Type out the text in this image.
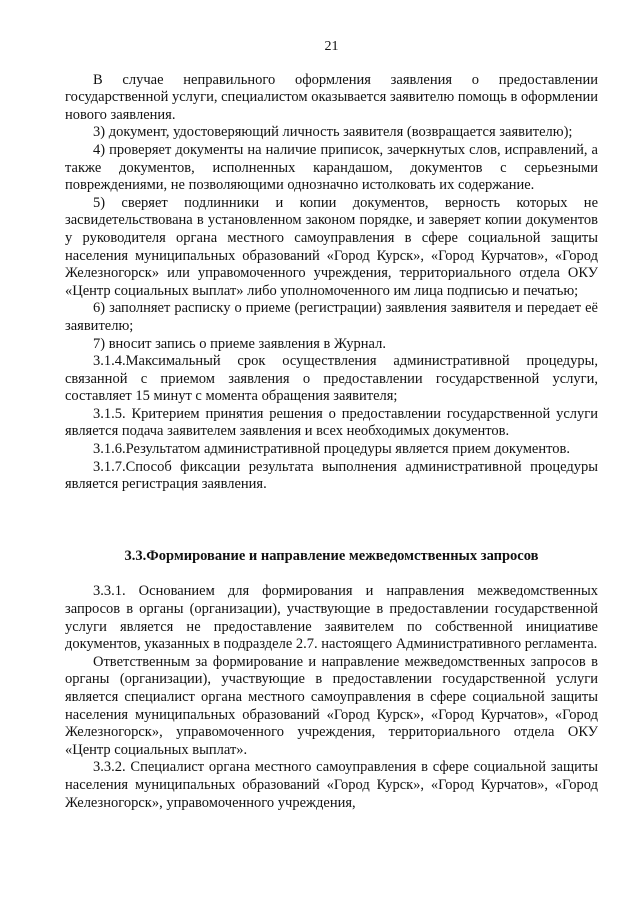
21

В случае неправильного оформления заявления о предоставлении государственной услуги, специалистом оказывается заявителю помощь в оформлении нового заявления.

3) документ, удостоверяющий личность заявителя (возвращается заявителю);

4) проверяет документы на наличие приписок, зачеркнутых слов, исправлений, а также документов, исполненных карандашом, документов с серьезными повреждениями, не позволяющими однозначно истолковать их содержание.

5) сверяет подлинники и копии документов, верность которых не засвидетельствована в установленном законом порядке, и заверяет копии документов у руководителя органа местного самоуправления в сфере социальной защиты населения муниципальных образований «Город Курск», «Город Курчатов», «Город Железногорск» или управомоченного учреждения, территориального отдела ОКУ «Центр социальных выплат» либо уполномоченного им лица подписью и печатью;

6) заполняет расписку о приеме (регистрации) заявления заявителя и передает её заявителю;

7) вносит запись о приеме заявления в Журнал.

3.1.4.Максимальный срок осуществления административной процедуры, связанной с приемом заявления о предоставлении государственной услуги, составляет 15 минут с момента обращения заявителя;

3.1.5. Критерием принятия решения о предоставлении государственной услуги является подача заявителем заявления и всех необходимых документов.

3.1.6.Результатом административной процедуры является прием документов.

3.1.7.Способ фиксации результата выполнения административной процедуры является регистрация заявления.

3.3.Формирование и направление межведомственных запросов

3.3.1. Основанием для формирования и направления межведомственных запросов в органы (организации), участвующие в предоставлении государственной услуги является не предоставление заявителем по собственной инициативе документов, указанных в подразделе 2.7. настоящего Административного регламента.

Ответственным за формирование и направление межведомственных запросов в органы (организации), участвующие в предоставлении государственной услуги является специалист органа местного самоуправления в сфере социальной защиты населения муниципальных образований «Город Курск», «Город Курчатов», «Город Железногорск», управомоченного учреждения, территориального отдела ОКУ «Центр социальных выплат».

3.3.2. Специалист органа местного самоуправления в сфере социальной защиты населения муниципальных образований «Город Курск», «Город Курчатов», «Город Железногорск», управомоченного учреждения,
